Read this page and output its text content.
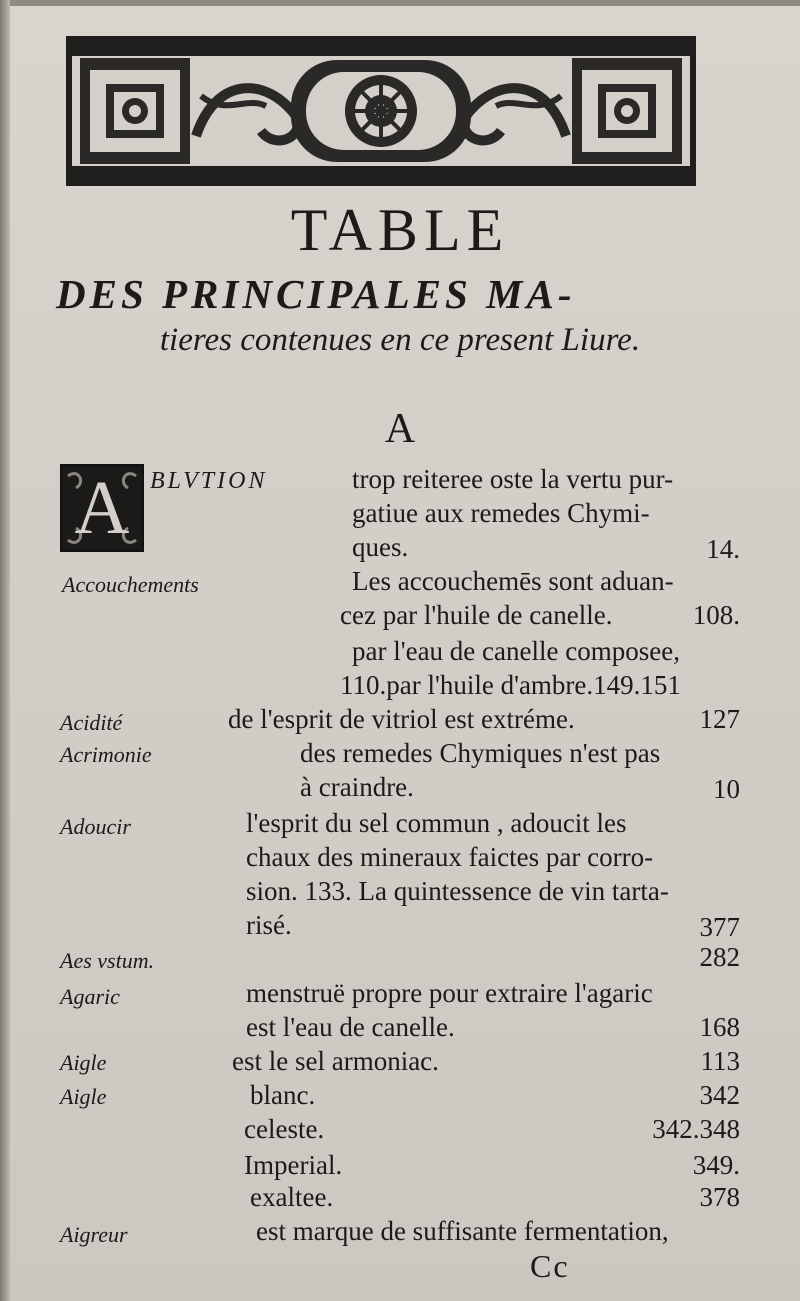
TABLE
DES PRINCIPALES MA-
tieres contenues en ce present Liure.
A
A BLVTION	trop reiteree oste la vertu pur-
gatiue aux remedes Chymi-
ques.	14.
Accouchements	Les accouchemēs sont aduan-
cez par l'huile de canelle.	108.
par l'eau de canelle composee,
110.par l'huile d'ambre.149.151
Acidité	de l'esprit de vitriol est extréme.	127
Acrimonie	des remedes Chymiques n'est pas
à craindre.	10
Adoucir	l'esprit du sel commun , adoucit les
chaux des mineraux faictes par corro-
sion. 133. La quintessence de vin tarta-
risé.	377
Aes vstum.	282
Agaric	menstruë propre pour extraire l'agaric
est l'eau de canelle.	168
Aigle	est le sel armoniac.	113
Aigle	blanc.	342
celeste.	342.348
Imperial.	349.
exaltee.	378
Aigreur	est marque de suffisante fermentation,
Cc
